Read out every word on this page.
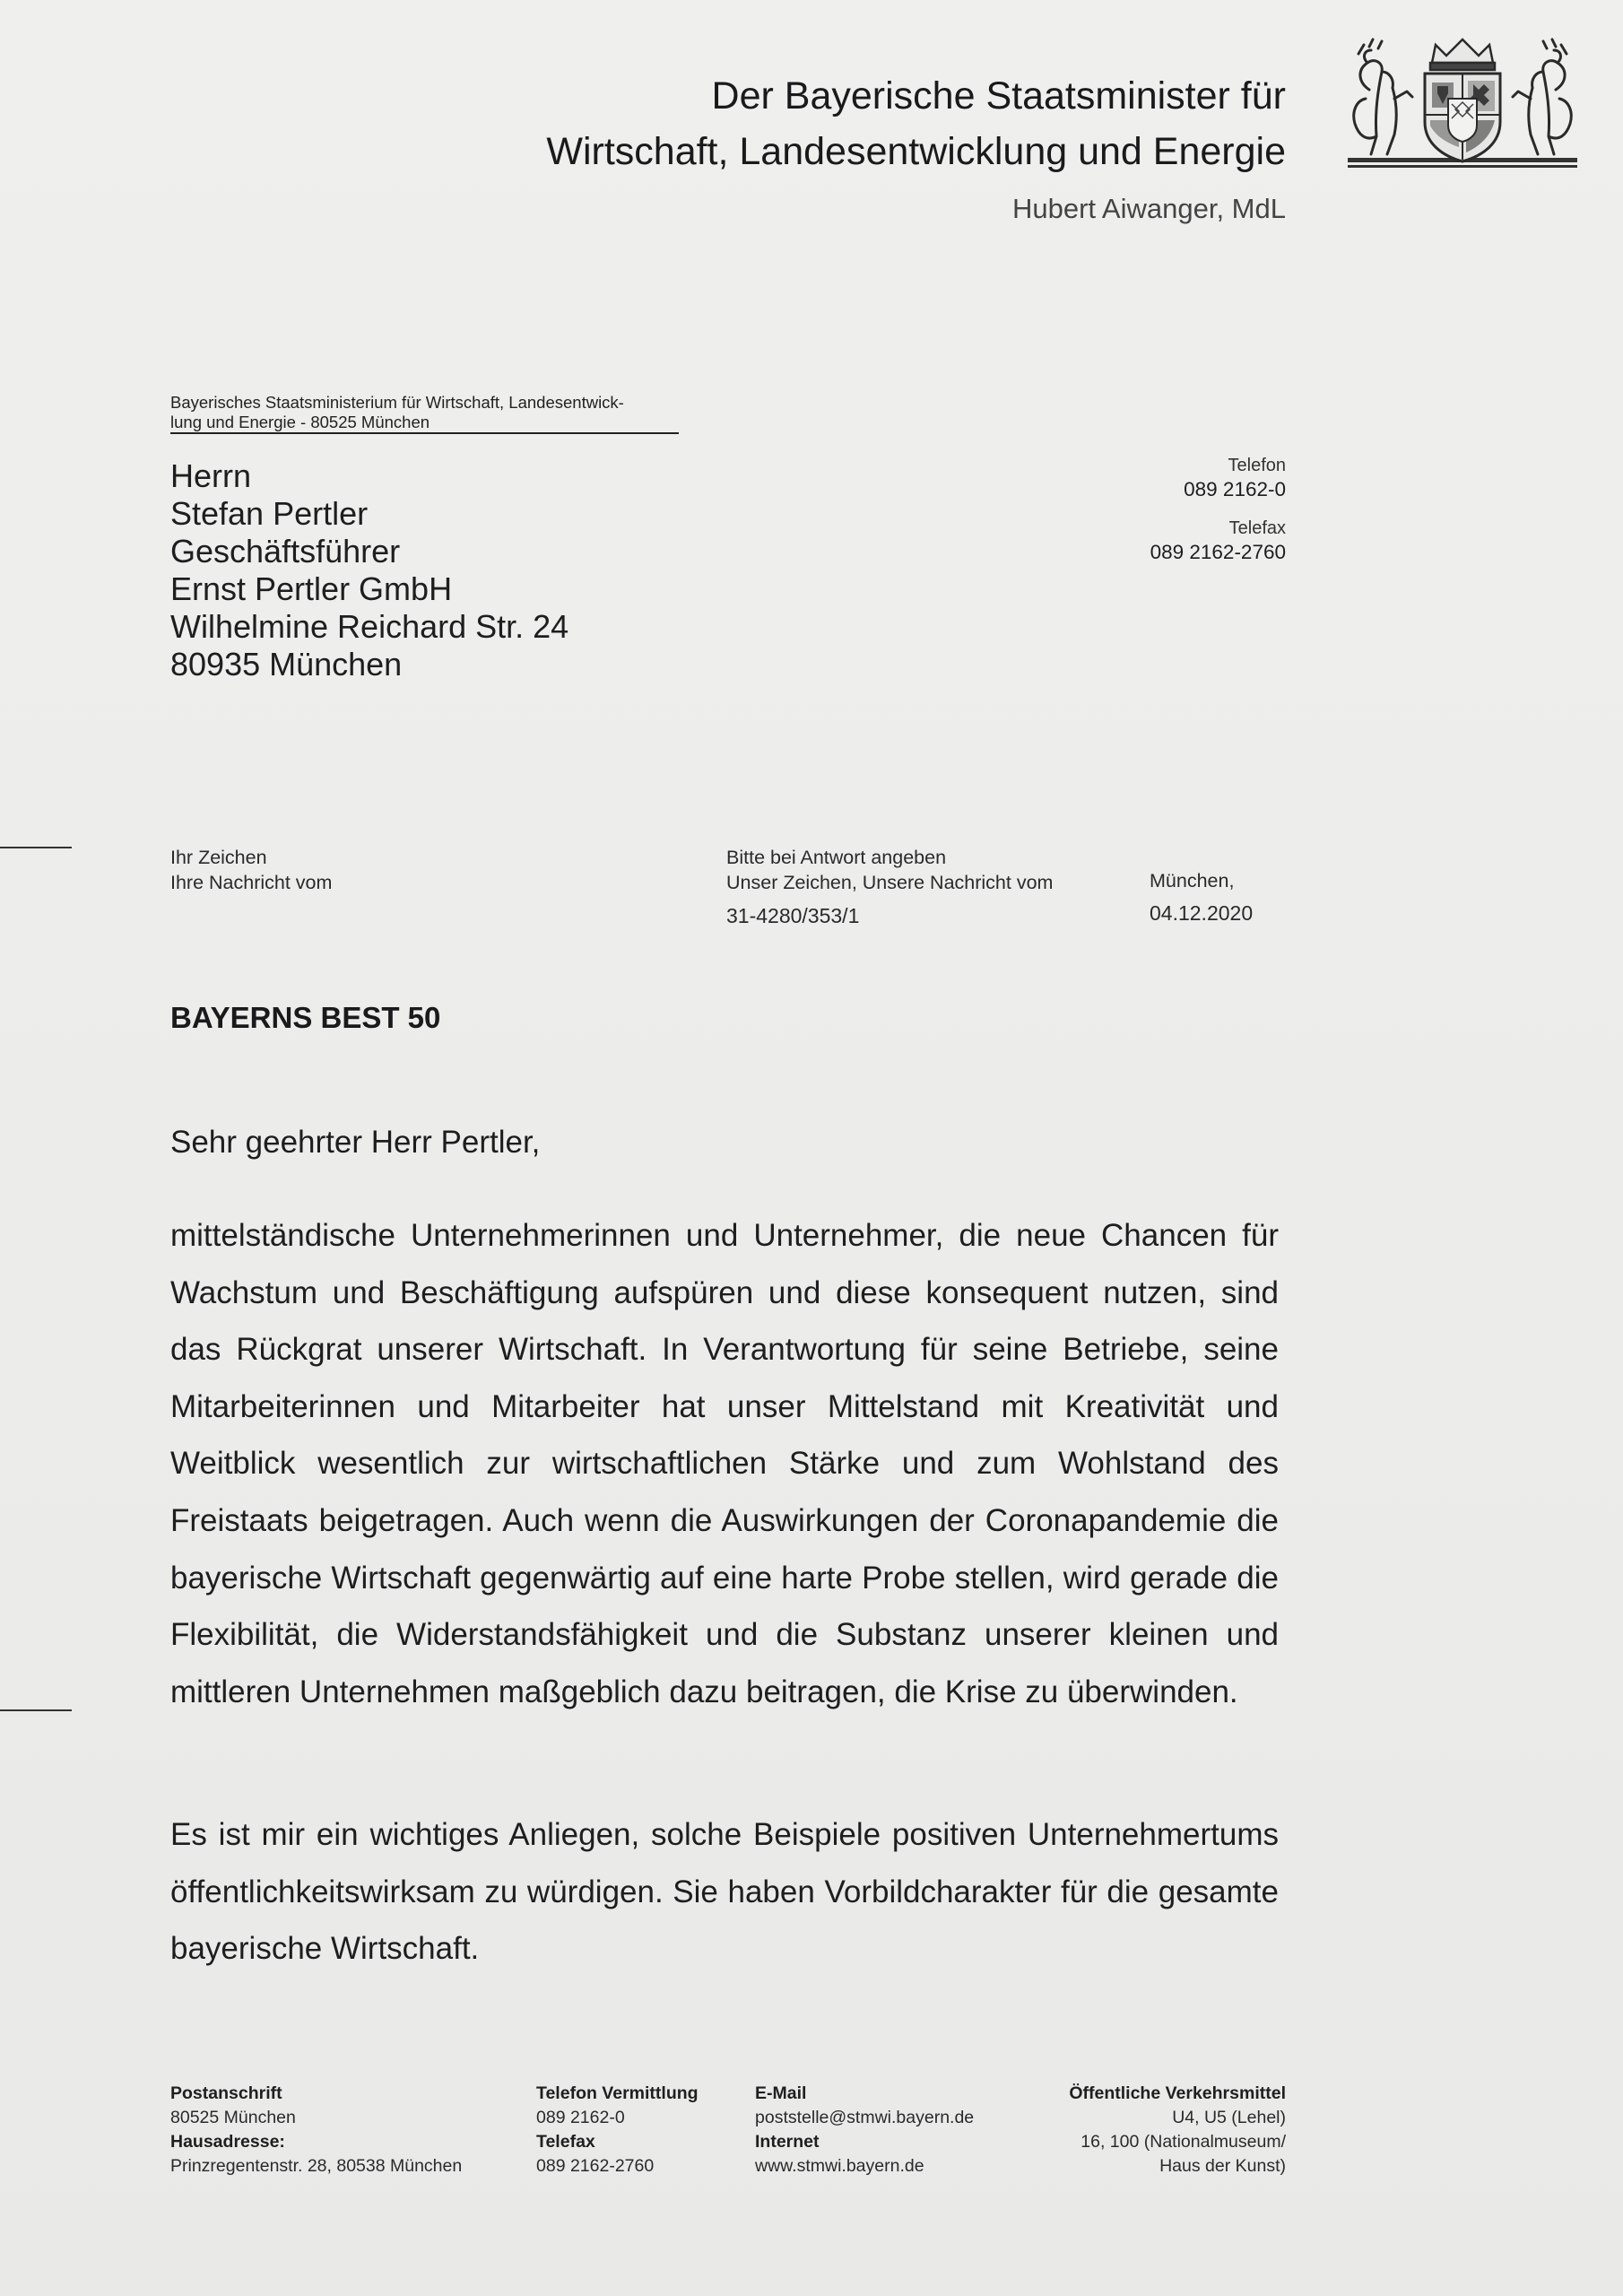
Der Bayerische Staatsminister für
Wirtschaft, Landesentwicklung und Energie
Hubert Aiwanger, MdL
Bayerisches Staatsministerium für Wirtschaft, Landesentwick-
lung und Energie - 80525 München
Herrn
Stefan Pertler
Geschäftsführer
Ernst Pertler GmbH
Wilhelmine Reichard Str. 24
80935 München
Telefon
089 2162-0
Telefax
089 2162-2760
Ihr Zeichen
Ihre Nachricht vom
Bitte bei Antwort angeben
Unser Zeichen, Unsere Nachricht vom
31-4280/353/1
München,
04.12.2020
BAYERNS BEST 50
Sehr geehrter Herr Pertler,
mittelständische Unternehmerinnen und Unternehmer, die neue Chancen für Wachstum und Beschäftigung aufspüren und diese konsequent nutzen, sind das Rückgrat unserer Wirtschaft. In Verantwortung für seine Betriebe, seine Mitarbeiterinnen und Mitarbeiter hat unser Mittelstand mit Kreativität und Weitblick wesentlich zur wirtschaftlichen Stärke und zum Wohlstand des Freistaats beigetragen. Auch wenn die Auswirkungen der Coronapandemie die bayerische Wirtschaft gegenwärtig auf eine harte Probe stellen, wird gerade die Flexibilität, die Widerstandsfähigkeit und die Substanz unserer kleinen und mittleren Unternehmen maßgeblich dazu beitragen, die Krise zu überwinden.
Es ist mir ein wichtiges Anliegen, solche Beispiele positiven Unternehmertums öffentlichkeitswirksam zu würdigen. Sie haben Vorbildcharakter für die gesamte bayerische Wirtschaft.
Postanschrift
80525 München
Hausadresse:
Prinzregentenstr. 28, 80538 München
Telefon Vermittlung
089 2162-0
Telefax
089 2162-2760
E-Mail
poststelle@stmwi.bayern.de
Internet
www.stmwi.bayern.de
Öffentliche Verkehrsmittel
U4, U5 (Lehel)
16, 100 (Nationalmuseum/
Haus der Kunst)
